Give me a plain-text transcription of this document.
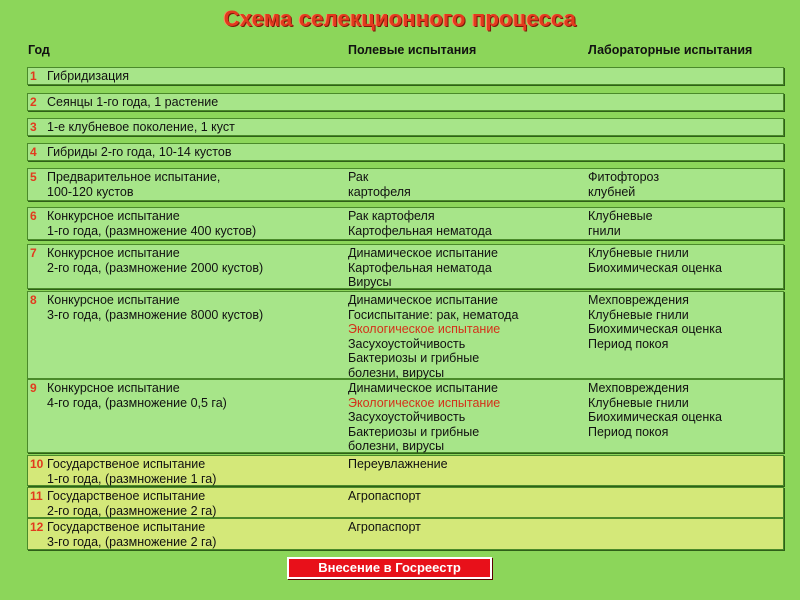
Схема селекционного процесса
Год	Полевые испытания	Лабораторные испытания
1 Гибридизация
2 Сеянцы 1-го года, 1 растение
3 1-е клубневое поколение, 1 куст
4 Гибриды 2-го года, 10-14 кустов
5 Предварительное испытание,
100-120 кустов
Рак
картофеля
Фитофтороз
клубней
6 Конкурсное испытание
1-го года, (размножение 400 кустов)
Рак картофеля
Картофельная нематода
Клубневые
гнили
7 Конкурсное испытание
2-го года, (размножение 2000 кустов)
Динамическое испытание
Картофельная нематода
Вирусы
Клубневые гнили
Биохимическая оценка
8 Конкурсное испытание
3-го года, (размножение 8000 кустов)
Динамическое испытание
Госиспытание: рак, нематода
Экологическое испытание
Засухоустойчивость
Бактериозы и грибные
болезни, вирусы
Мехповреждения
Клубневые гнили
Биохимическая оценка
Период покоя
9 Конкурсное испытание
4-го года, (размножение 0,5 га)
Динамическое испытание
Экологическое испытание
Засухоустойчивость
Бактериозы и грибные
болезни, вирусы
Мехповреждения
Клубневые гнили
Биохимическая оценка
Период покоя
10 Государственое испытание
1-го года, (размножение 1 га)
Переувлажнение
11 Государственое испытание
2-го года, (размножение 2 га)
Агропаспорт
12 Государственое испытание
3-го года, (размножение 2 га)
Агропаспорт
Внесение в Госреестр
